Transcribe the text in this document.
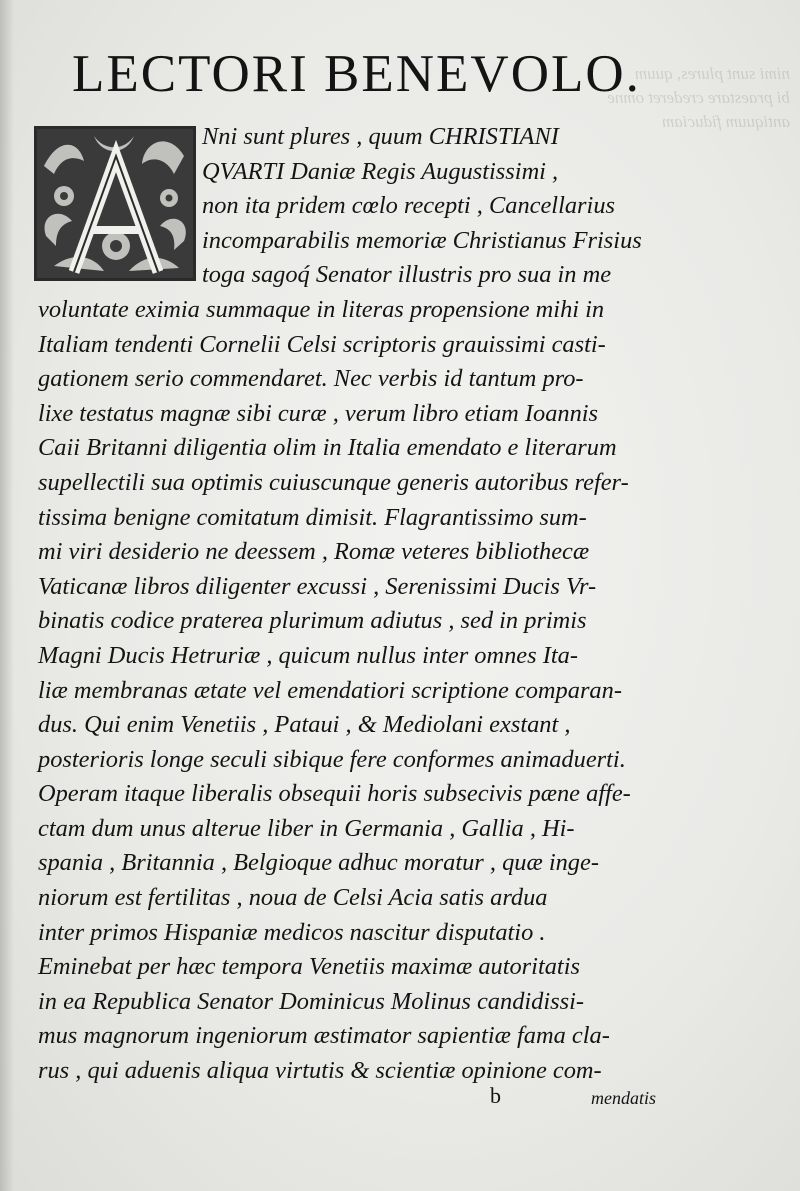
nimi sunt plures, quum
bi praestare crederet omne
antiquum fiduciam
LECTORI BENEVOLO.
Nni sunt plures , quum CHRISTIANI
QVARTI Daniæ Regis Augustissimi ,
non ita pridem cœlo recepti , Cancellarius
incomparabilis memoriæ Christianus Frisius
toga sagoq́ Senator illustris pro sua in me
voluntate eximia summaque in literas propensione mihi in
Italiam tendenti Cornelii Celsi scriptoris grauissimi casti-
gationem serio commendaret. Nec verbis id tantum pro-
lixe testatus magnæ sibi curæ , verum libro etiam Ioannis
Caii Britanni diligentia olim in Italia emendato e literarum
supellectili sua optimis cuiuscunque generis autoribus refer-
tissima benigne comitatum dimisit. Flagrantissimo sum-
mi viri desiderio ne deessem , Romæ veteres bibliothecæ
Vaticanæ libros diligenter excussi , Serenissimi Ducis Vr-
binatis codice praterea plurimum adiutus , sed in primis
Magni Ducis Hetruriæ , quicum nullus inter omnes Ita-
liæ membranas ætate vel emendatiori scriptione comparan-
dus. Qui enim Venetiis , Pataui , & Mediolani exstant ,
posterioris longe seculi sibique fere conformes animaduerti.
Operam itaque liberalis obsequii horis subsecivis pæne affe-
ctam dum unus alterue liber in Germania , Gallia , Hi-
spania , Britannia , Belgioque adhuc moratur , quæ inge-
niorum est fertilitas , noua de Celsi Acia satis ardua
inter primos Hispaniæ medicos nascitur disputatio .
Eminebat per hæc tempora Venetiis maximæ autoritatis
in ea Republica Senator Dominicus Molinus candidissi-
mus magnorum ingeniorum æstimator sapientiæ fama cla-
rus , qui aduenis aliqua virtutis & scientiæ opinione com-
b	mendatis
